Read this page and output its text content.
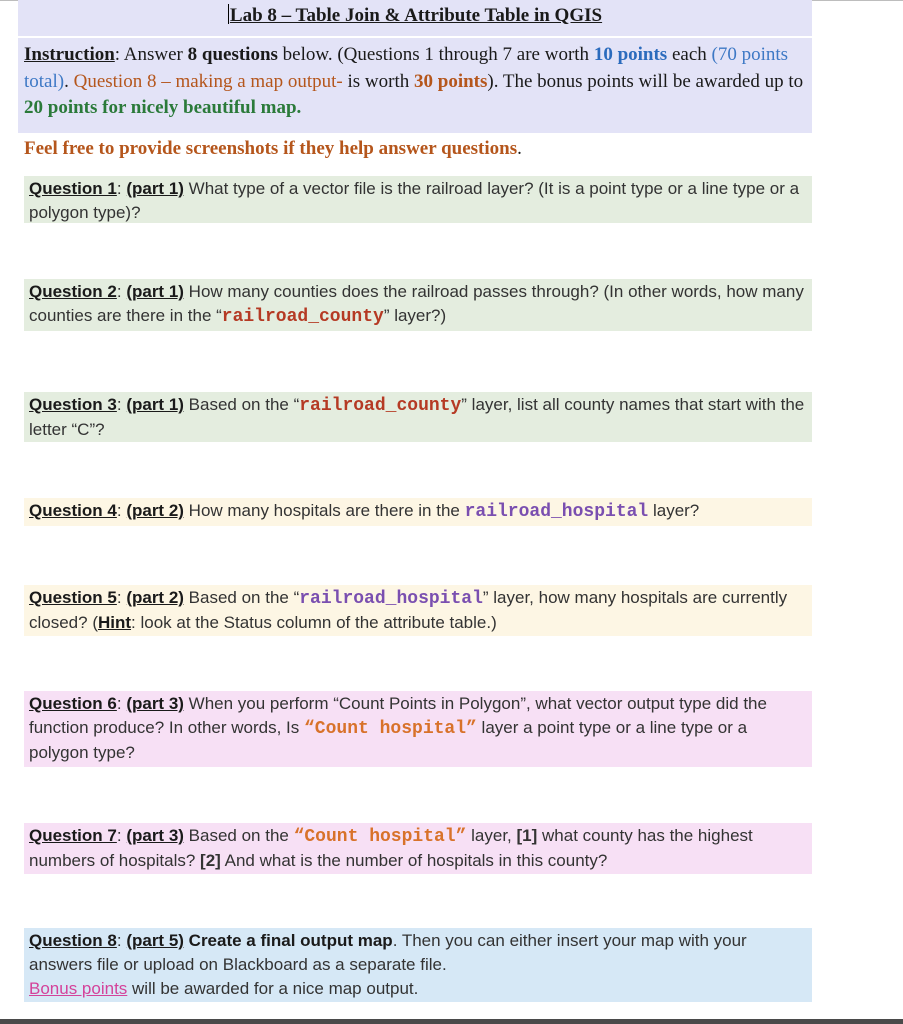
Lab 8 – Table Join & Attribute Table in QGIS
Instruction: Answer 8 questions below. (Questions 1 through 7 are worth 10 points each (70 points total). Question 8 – making a map output- is worth 30 points). The bonus points will be awarded up to 20 points for nicely beautiful map.
Feel free to provide screenshots if they help answer questions.
Question 1: (part 1) What type of a vector file is the railroad layer? (It is a point type or a line type or a polygon type)?
Question 2: (part 1) How many counties does the railroad passes through? (In other words, how many counties are there in the “railroad_county” layer?)
Question 3: (part 1) Based on the “railroad_county” layer, list all county names that start with the letter “C”?
Question 4: (part 2) How many hospitals are there in the railroad_hospital layer?
Question 5: (part 2) Based on the “railroad_hospital” layer, how many hospitals are currently closed? (Hint: look at the Status column of the attribute table.)
Question 6: (part 3) When you perform “Count Points in Polygon”, what vector output type did the function produce? In other words, Is “Count hospital” layer a point type or a line type or a polygon type?
Question 7: (part 3) Based on the “Count hospital” layer, [1] what county has the highest numbers of hospitals? [2] And what is the number of hospitals in this county?
Question 8: (part 5) Create a final output map. Then you can either insert your map with your answers file or upload on Blackboard as a separate file.
Bonus points will be awarded for a nice map output.
